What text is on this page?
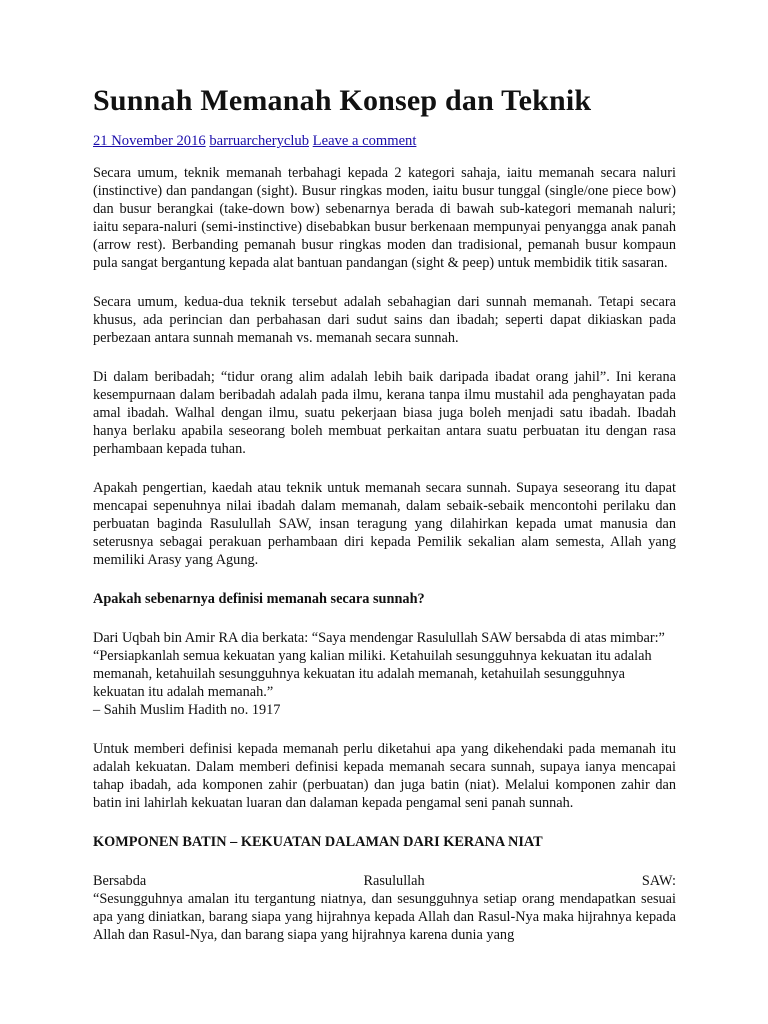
Sunnah Memanah Konsep dan Teknik
21 November 2016 barruarcheryclub Leave a comment

Secara umum, teknik memanah terbahagi kepada 2 kategori sahaja, iaitu memanah secara naluri (instinctive) dan pandangan (sight). Busur ringkas moden, iaitu busur tunggal (single/one piece bow) dan busur berangkai (take-down bow) sebenarnya berada di bawah sub-kategori memanah naluri; iaitu separa-naluri (semi-instinctive) disebabkan busur berkenaan mempunyai penyangga anak panah (arrow rest). Berbanding pemanah busur ringkas moden dan tradisional, pemanah busur kompaun pula sangat bergantung kepada alat bantuan pandangan (sight & peep) untuk membidik titik sasaran.

Secara umum, kedua-dua teknik tersebut adalah sebahagian dari sunnah memanah. Tetapi secara khusus, ada perincian dan perbahasan dari sudut sains dan ibadah; seperti dapat dikiaskan pada perbezaan antara sunnah memanah vs. memanah secara sunnah.

Di dalam beribadah; “tidur orang alim adalah lebih baik daripada ibadat orang jahil”. Ini kerana kesempurnaan dalam beribadah adalah pada ilmu, kerana tanpa ilmu mustahil ada penghayatan pada amal ibadah. Walhal dengan ilmu, suatu pekerjaan biasa juga boleh menjadi satu ibadah. Ibadah hanya berlaku apabila seseorang boleh membuat perkaitan antara suatu perbuatan itu dengan rasa perhambaan kepada tuhan.

Apakah pengertian, kaedah atau teknik untuk memanah secara sunnah. Supaya seseorang itu dapat mencapai sepenuhnya nilai ibadah dalam memanah, dalam sebaik-sebaik mencontohi perilaku dan perbuatan baginda Rasulullah SAW, insan teragung yang dilahirkan kepada umat manusia dan seterusnya sebagai perakuan perhambaan diri kepada Pemilik sekalian alam semesta, Allah yang memiliki Arasy yang Agung.

Apakah sebenarnya definisi memanah secara sunnah?

Dari Uqbah bin Amir RA dia berkata: “Saya mendengar Rasulullah SAW bersabda di atas mimbar:”
“Persiapkanlah semua kekuatan yang kalian miliki. Ketahuilah sesungguhnya kekuatan itu adalah memanah, ketahuilah sesungguhnya kekuatan itu adalah memanah, ketahuilah sesungguhnya kekuatan itu adalah memanah.”
– Sahih Muslim Hadith no. 1917

Untuk memberi definisi kepada memanah perlu diketahui apa yang dikehendaki pada memanah itu adalah kekuatan. Dalam memberi definisi kepada memanah secara sunnah, supaya ianya mencapai tahap ibadah, ada komponen zahir (perbuatan) dan juga batin (niat). Melalui komponen zahir dan batin ini lahirlah kekuatan luaran dan dalaman kepada pengamal seni panah sunnah.

KOMPONEN BATIN – KEKUATAN DALAMAN DARI KERANA NIAT

Bersabda	Rasulullah	SAW:
“Sesungguhnya amalan itu tergantung niatnya, dan sesungguhnya setiap orang mendapatkan sesuai apa yang diniatkan, barang siapa yang hijrahnya kepada Allah dan Rasul-Nya maka hijrahnya kepada Allah dan Rasul-Nya, dan barang siapa yang hijrahnya karena dunia yang
